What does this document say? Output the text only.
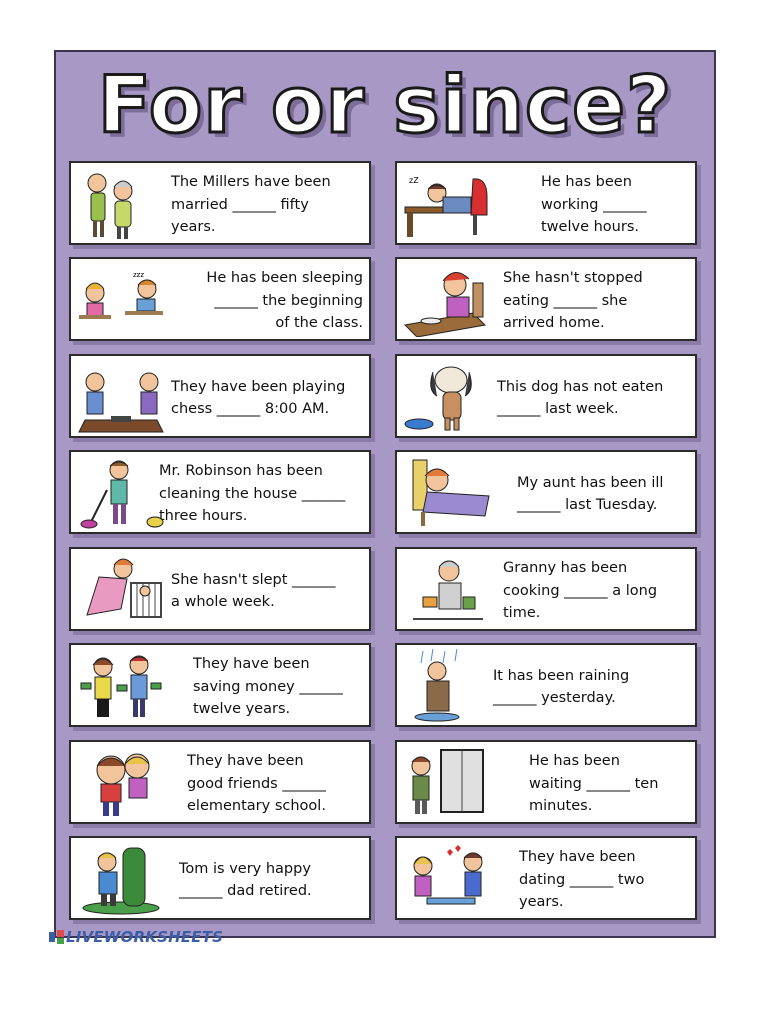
For or since?
The Millers have been
married ______ fifty
years.
zzz	He has been sleeping
______ the beginning
of the class.
They have been playing
chess ______ 8:00 AM.
Mr. Robinson has been
cleaning the house ______
three hours.
She hasn't slept ______
a whole week.
They have been
saving money ______
twelve years.
They have been
good friends ______
elementary school.
Tom is very happy
______ dad retired.
zZ	He has been
working ______
twelve hours.
She hasn't stopped
eating ______ she
arrived home.
This dog has not eaten
______ last week.
My aunt has been ill
______ last Tuesday.
Granny has been
cooking ______ a long
time.
It has been raining
______ yesterday.
He has been
waiting ______ ten
minutes.
They have been
dating ______ two
years.
LIVEWORKSHEETS
